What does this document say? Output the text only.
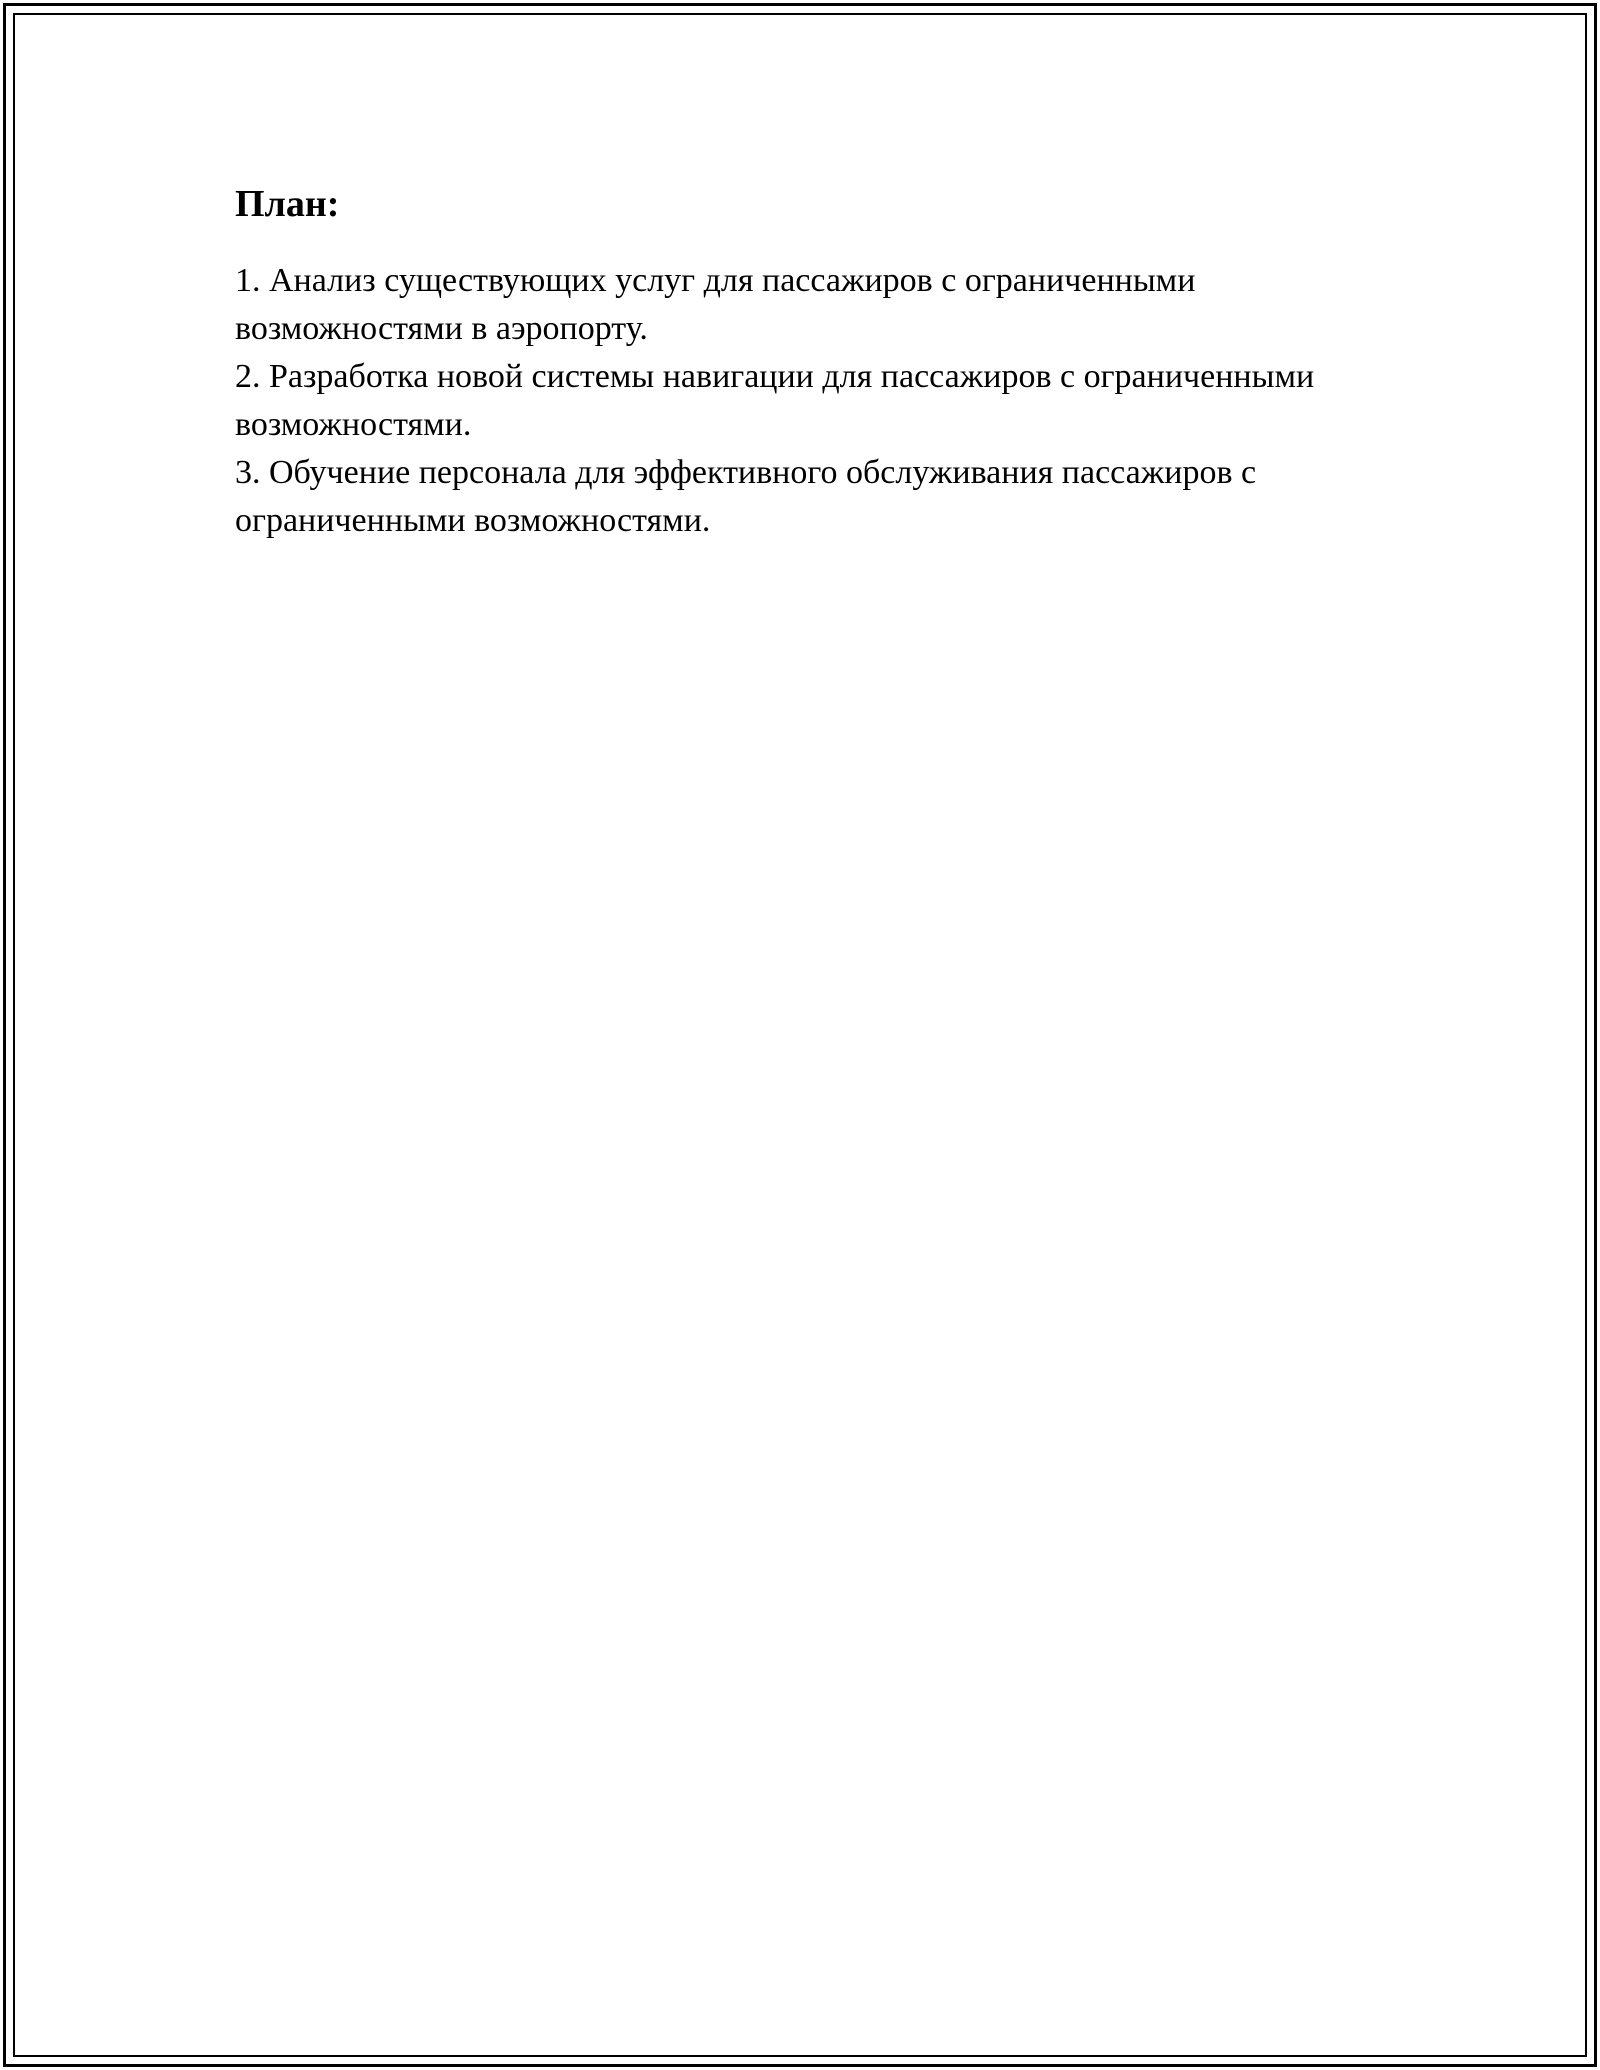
План:
1. Анализ существующих услуг для пассажиров с ограниченными возможностями в аэропорту.
2. Разработка новой системы навигации для пассажиров с ограниченными возможностями.
3. Обучение персонала для эффективного обслуживания пассажиров с ограниченными возможностями.
